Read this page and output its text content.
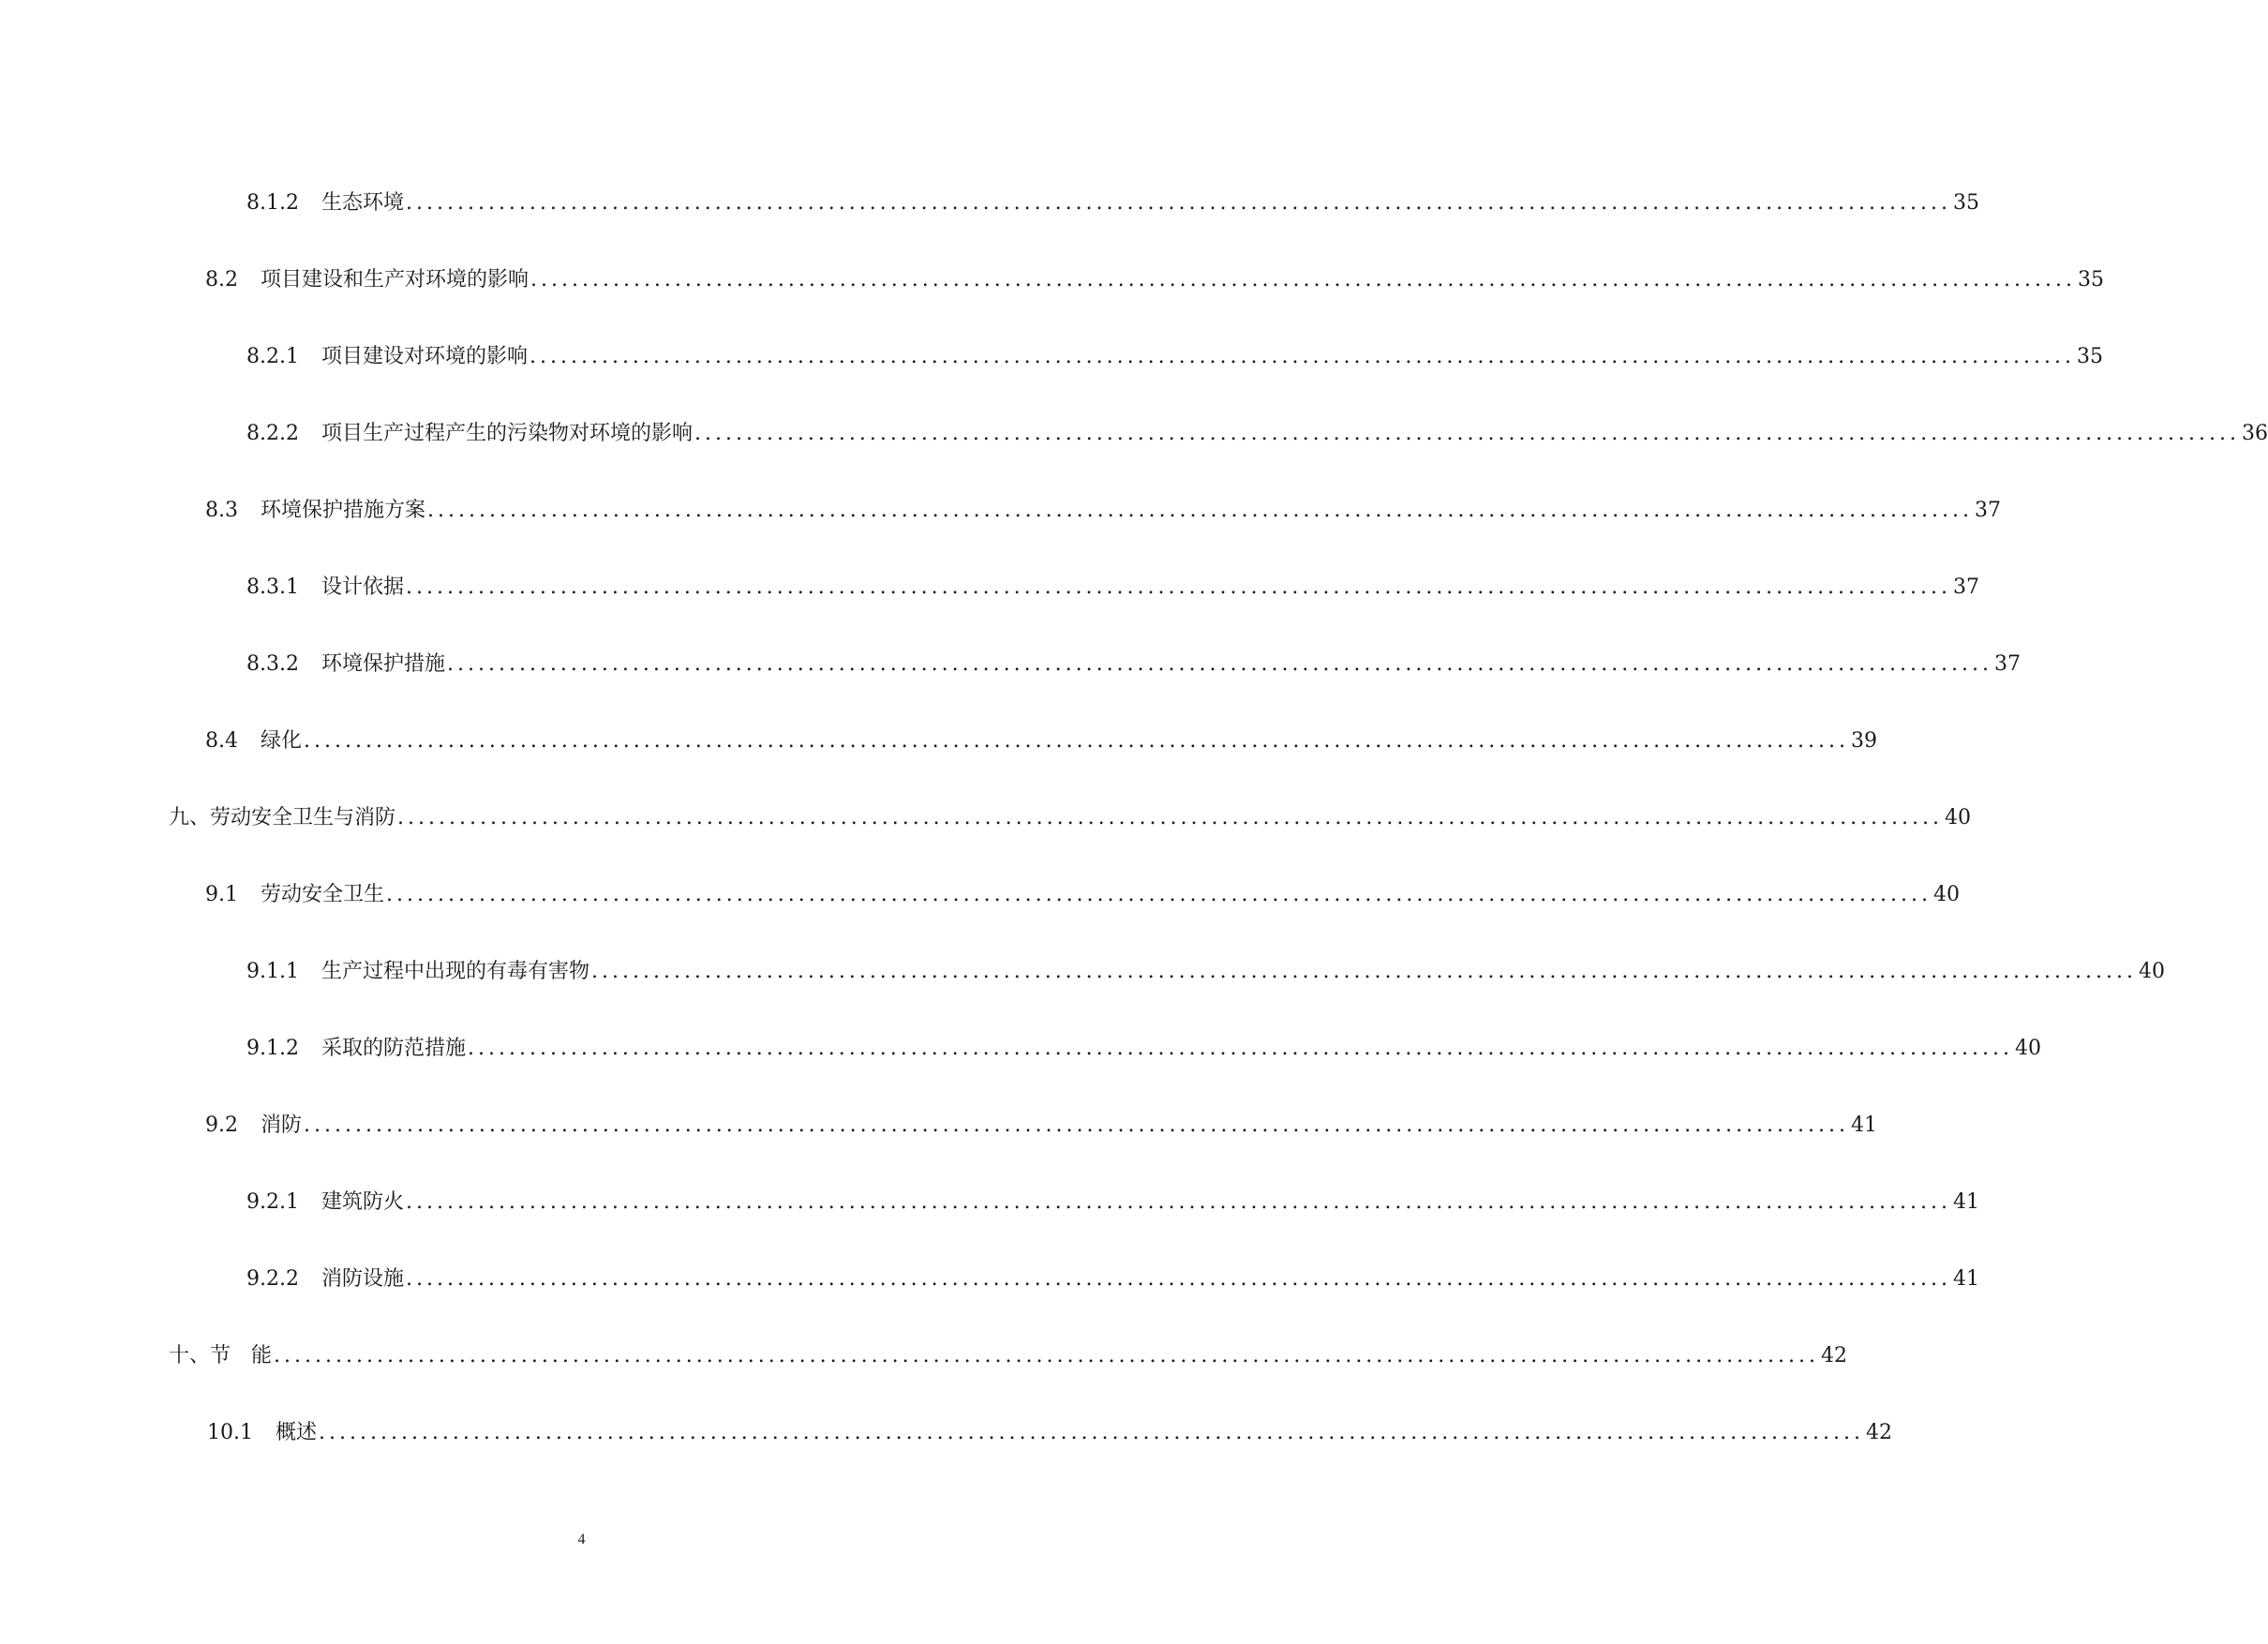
8.1.2 生态环境 ...................................................................................................................................................... 35
8.2 项目建设和生产对环境的影响 ...................................................................................................................................................... 35
8.2.1 项目建设对环境的影响 ...................................................................................................................................................... 35
8.2.2 项目生产过程产生的污染物对环境的影响 ...................................................................................................................................................... 36
8.3 环境保护措施方案 ...................................................................................................................................................... 37
8.3.1 设计依据 ...................................................................................................................................................... 37
8.3.2 环境保护措施 ...................................................................................................................................................... 37
8.4 绿化 ...................................................................................................................................................... 39
九、 劳动安全卫生与消防 ...................................................................................................................................................... 40
9.1 劳动安全卫生 ...................................................................................................................................................... 40
9.1.1 生产过程中出现的有毒有害物 ...................................................................................................................................................... 40
9.1.2 采取的防范措施 ...................................................................................................................................................... 40
9.2 消防 ...................................................................................................................................................... 41
9.2.1 建筑防火 ...................................................................................................................................................... 41
9.2.2 消防设施 ...................................................................................................................................................... 41
十、 节　能 ...................................................................................................................................................... 42
10.1 概述 ...................................................................................................................................................... 42
4
